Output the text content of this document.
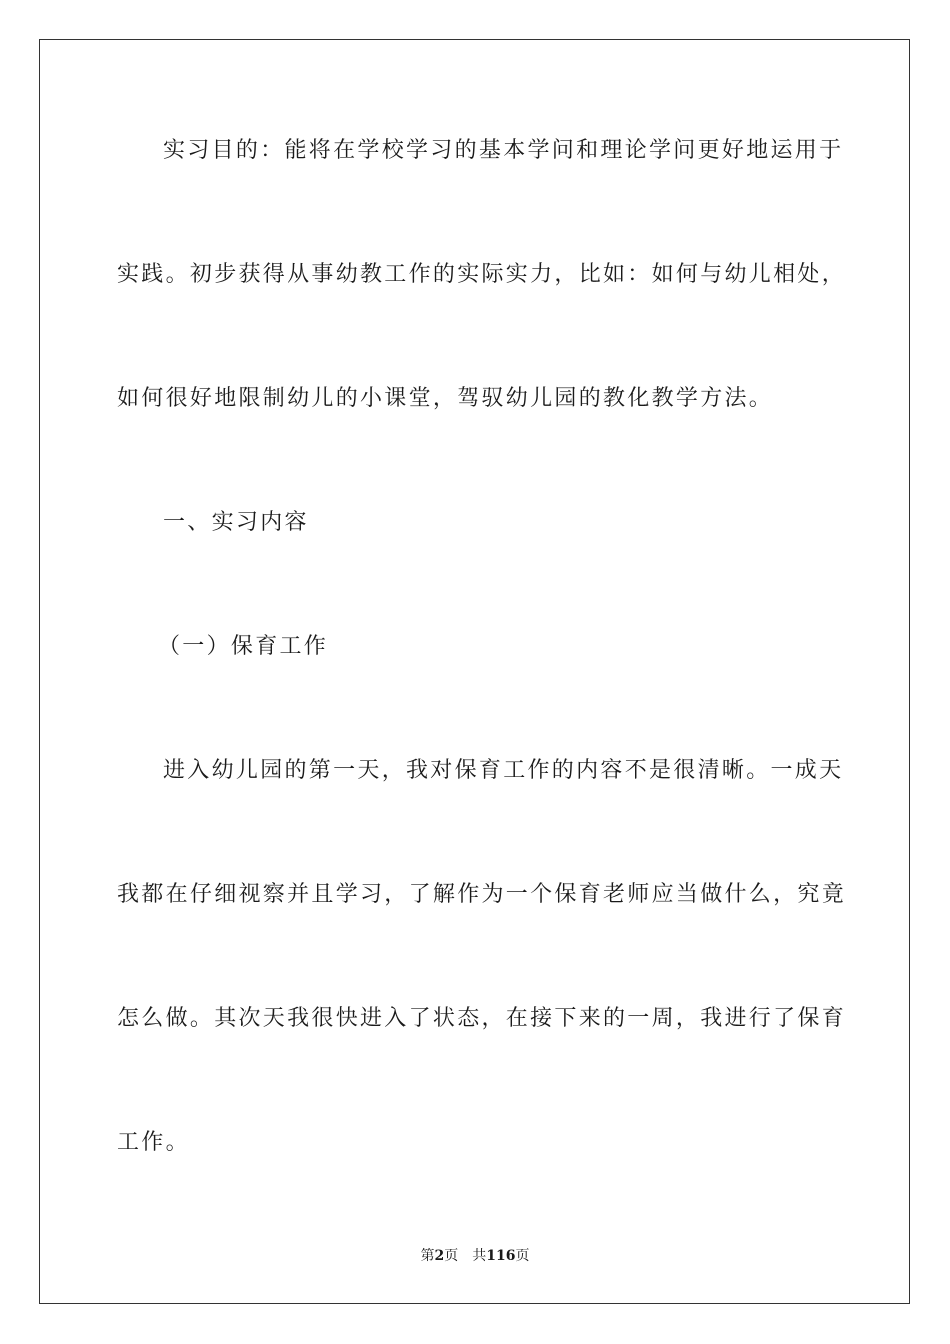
实习目的：能将在学校学习的基本学问和理论学问更好地运用于
实践。初步获得从事幼教工作的实际实力，比如：如何与幼儿相处，
如何很好地限制幼儿的小课堂，驾驭幼儿园的教化教学方法。
一、实习内容
（一）保育工作
进入幼儿园的第一天，我对保育工作的内容不是很清晰。一成天
我都在仔细视察并且学习，了解作为一个保育老师应当做什么，究竟
怎么做。其次天我很快进入了状态，在接下来的一周，我进行了保育
工作。
第2页 共116页
